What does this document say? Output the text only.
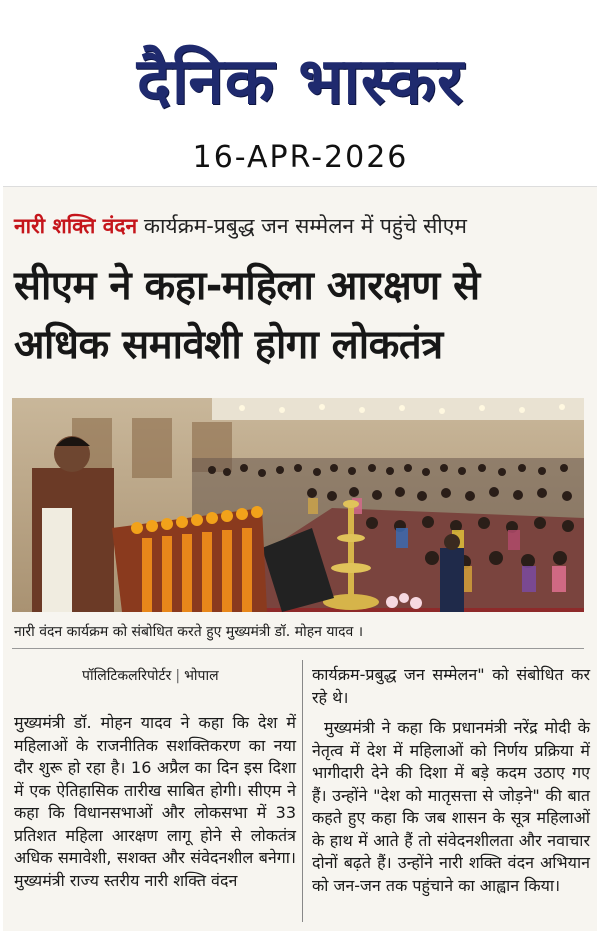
दैनिक भास्कर
16-APR-2026
नारी शक्ति वंदन कार्यक्रम-प्रबुद्ध जन सम्मेलन में पहुंचे सीएम
सीएम ने कहा-महिला आरक्षण से
अधिक समावेशी होगा लोकतंत्र
नारी वंदन कार्यक्रम को संबोधित करते हुए मुख्यमंत्री डॉ. मोहन यादव ।
पॉलिटिकलरिपोर्टर | भोपाल

मुख्यमंत्री डॉ. मोहन यादव ने कहा कि देश में महिलाओं के राजनीतिक सशक्तिकरण का नया दौर शुरू हो रहा है। 16 अप्रैल का दिन इस दिशा में एक ऐतिहासिक तारीख साबित होगी। सीएम ने कहा कि विधानसभाओं और लोकसभा में 33 प्रतिशत महिला आरक्षण लागू होने से लोकतंत्र अधिक समावेशी, सशक्त और संवेदनशील बनेगा। मुख्यमंत्री राज्य स्तरीय नारी शक्ति वंदन

कार्यक्रम-प्रबुद्ध जन सम्मेलन" को संबोधित कर रहे थे।

मुख्यमंत्री ने कहा कि प्रधानमंत्री नरेंद्र मोदी के नेतृत्व में देश में महिलाओं को निर्णय प्रक्रिया में भागीदारी देने की दिशा में बड़े कदम उठाए गए हैं। उन्होंने "देश को मातृसत्ता से जोड़ने" की बात कहते हुए कहा कि जब शासन के सूत्र महिलाओं के हाथ में आते हैं तो संवेदनशीलता और नवाचार दोनों बढ़ते हैं। उन्होंने नारी शक्ति वंदन अभियान को जन-जन तक पहुंचाने का आह्वान किया।
